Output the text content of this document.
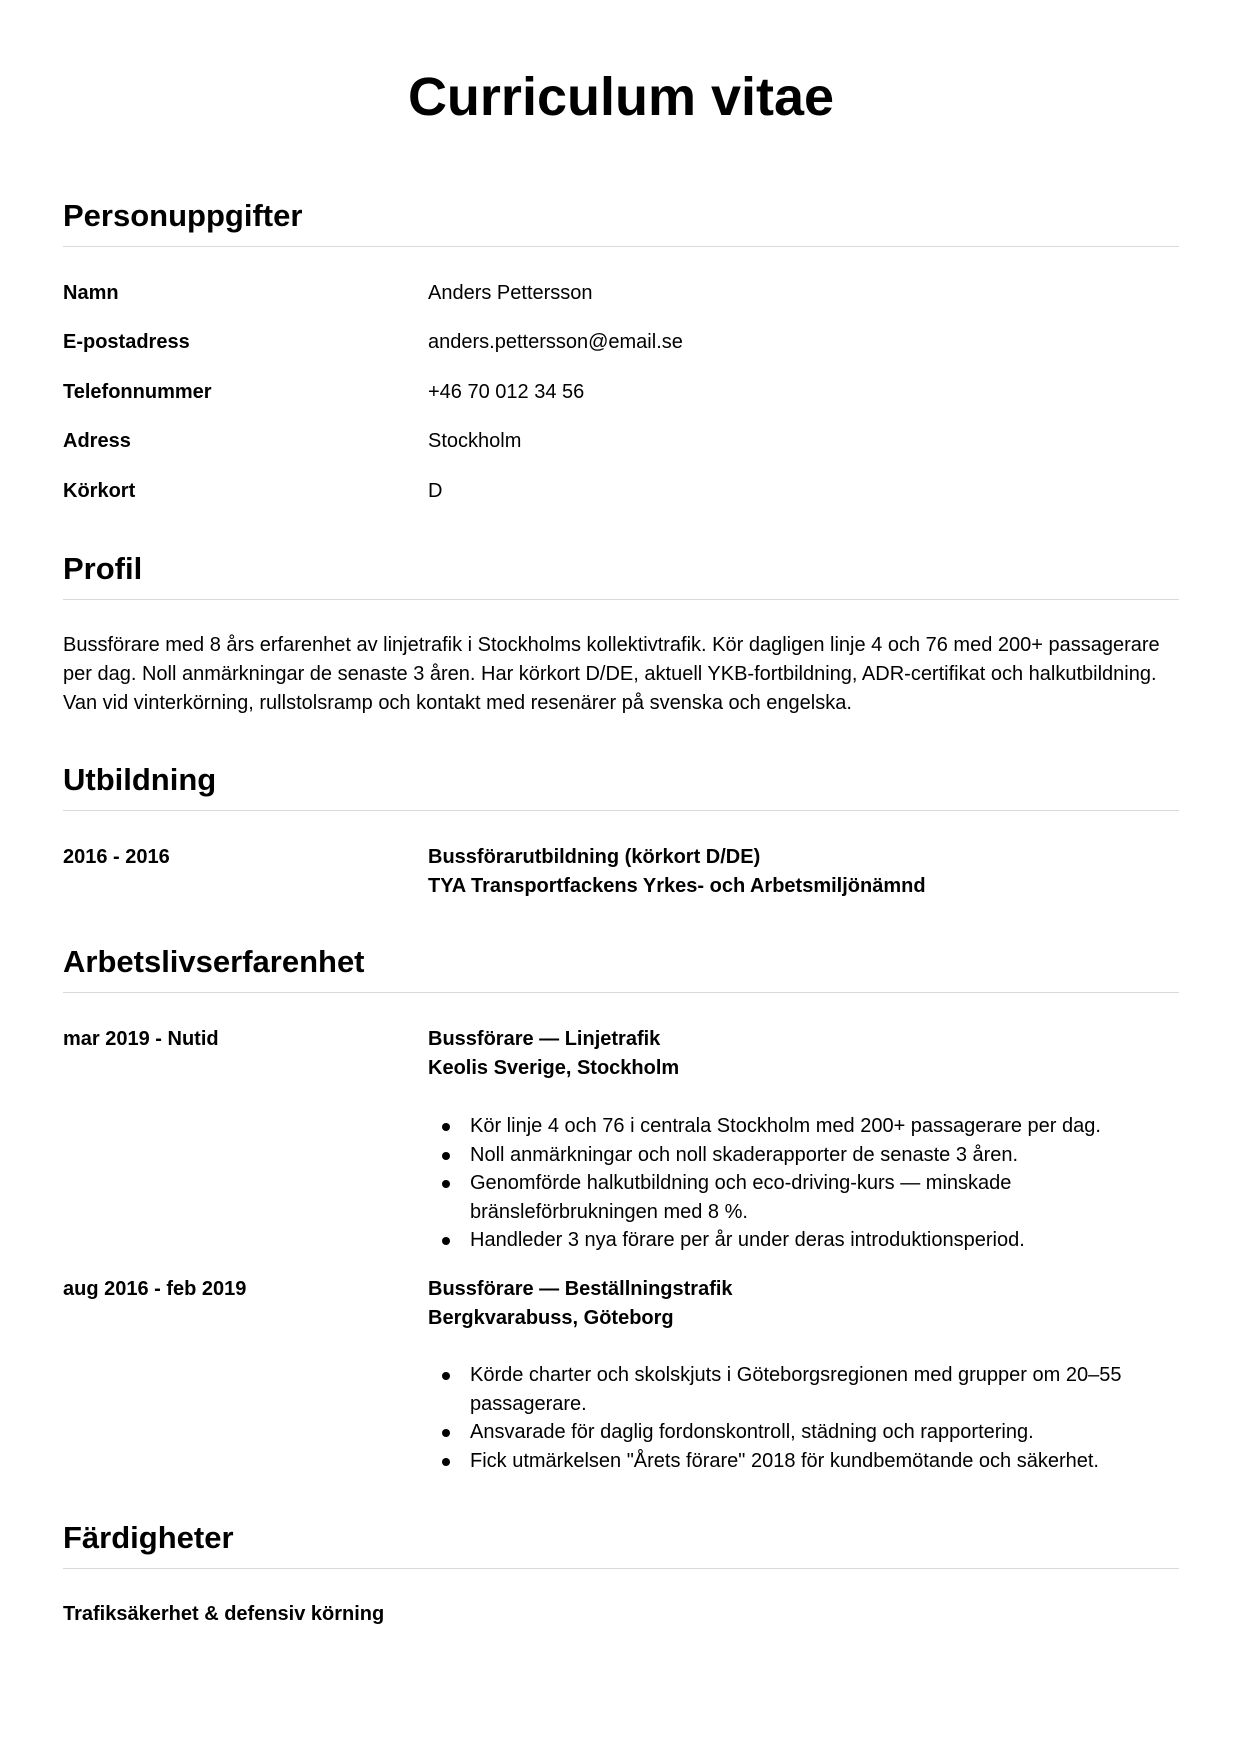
Curriculum vitae
Personuppgifter
Namn	Anders Pettersson
E-postadress	anders.pettersson@email.se
Telefonnummer	+46 70 012 34 56
Adress	Stockholm
Körkort	D
Profil
Bussförare med 8 års erfarenhet av linjetrafik i Stockholms kollektivtrafik. Kör dagligen linje 4 och 76 med 200+ passagerare per dag. Noll anmärkningar de senaste 3 åren. Har körkort D/DE, aktuell YKB-fortbildning, ADR-certifikat och halkutbildning. Van vid vinterkörning, rullstolsramp och kontakt med resenärer på svenska och engelska.
Utbildning
2016 - 2016	Bussförarutbildning (körkort D/DE)
TYA Transportfackens Yrkes- och Arbetsmiljönämnd
Arbetslivserfarenhet
mar 2019 - Nutid	Bussförare — Linjetrafik
Keolis Sverige, Stockholm
Kör linje 4 och 76 i centrala Stockholm med 200+ passagerare per dag.
Noll anmärkningar och noll skaderapporter de senaste 3 åren.
Genomförde halkutbildning och eco-driving-kurs — minskade bränsleförbrukningen med 8 %.
Handleder 3 nya förare per år under deras introduktionsperiod.
aug 2016 - feb 2019	Bussförare — Beställningstrafik
Bergkvarabuss, Göteborg
Körde charter och skolskjuts i Göteborgsregionen med grupper om 20–55 passagerare.
Ansvarade för daglig fordonskontroll, städning och rapportering.
Fick utmärkelsen "Årets förare" 2018 för kundbemötande och säkerhet.
Färdigheter
Trafiksäkerhet & defensiv körning
